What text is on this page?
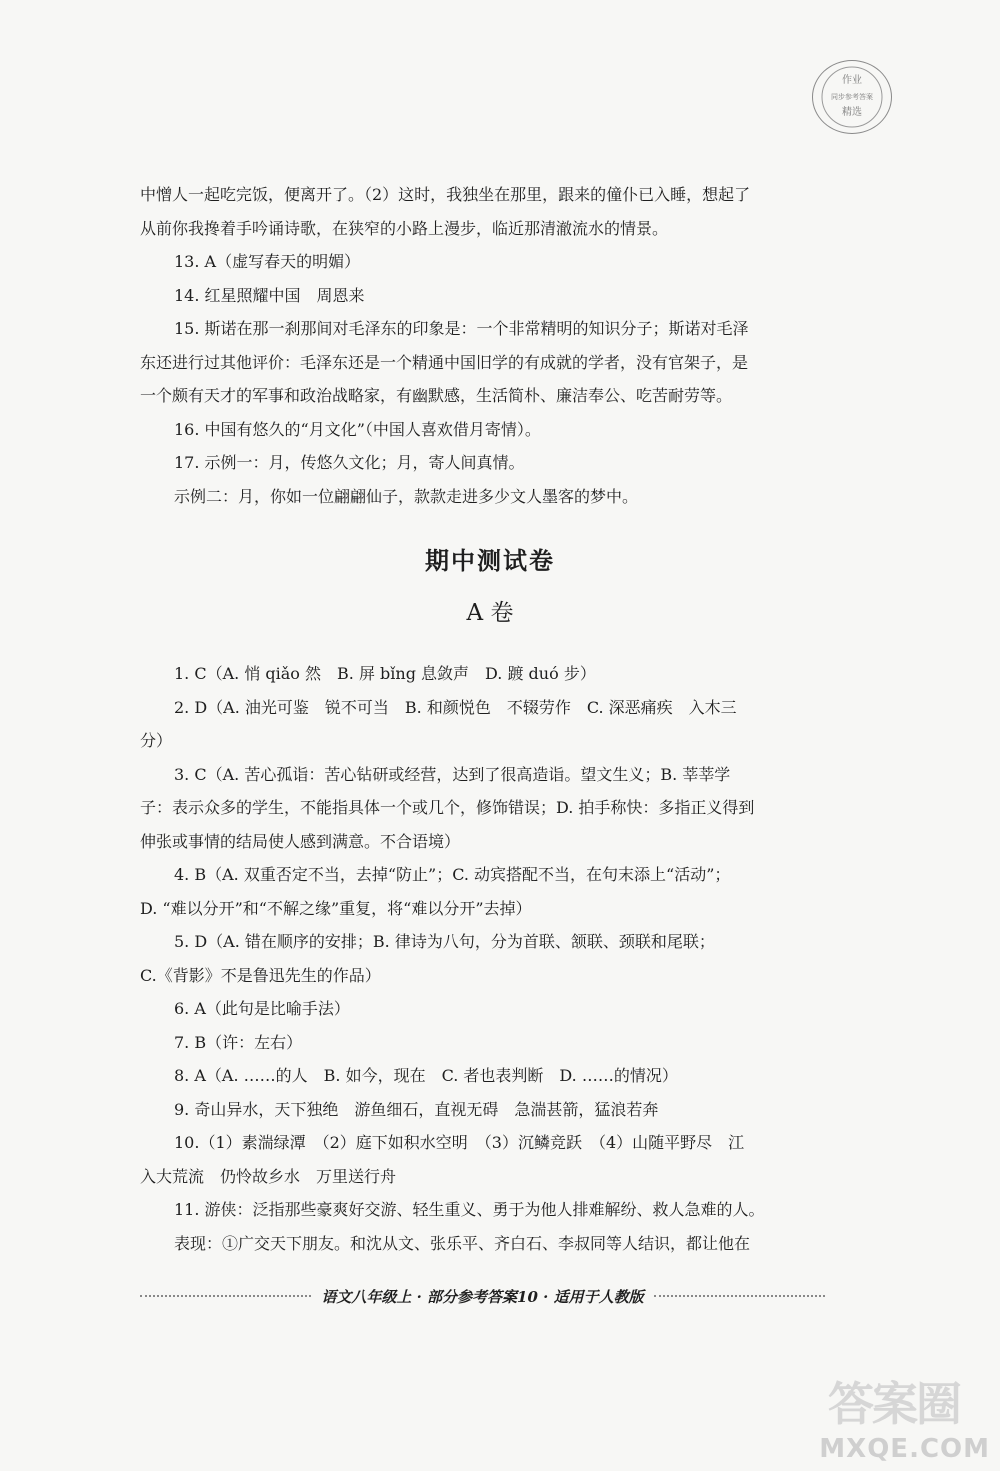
作业
同步参考答案
精选
中憎人一起吃完饭，便离开了。（2）这时，我独坐在那里，跟来的僮仆已入睡，想起了
从前你我搀着手吟诵诗歌，在狭窄的小路上漫步，临近那清澈流水的情景。
13. A（虚写春天的明媚）
14. 红星照耀中国　周恩来
15. 斯诺在那一刹那间对毛泽东的印象是：一个非常精明的知识分子；斯诺对毛泽
东还进行过其他评价：毛泽东还是一个精通中国旧学的有成就的学者，没有官架子，是
一个颇有天才的军事和政治战略家，有幽默感，生活简朴、廉洁奉公、吃苦耐劳等。
16. 中国有悠久的“月文化”（中国人喜欢借月寄情）。
17. 示例一：月，传悠久文化；月，寄人间真情。
示例二：月，你如一位翩翩仙子，款款走进多少文人墨客的梦中。
期中测试卷
A 卷
1. C（A. 悄 qiǎo 然　B. 屏 bǐng 息敛声　D. 踱 duó 步）
2. D（A. 油光可鉴　锐不可当　B. 和颜悦色　不辍劳作　C. 深恶痛疾　入木三
分）
3. C（A. 苦心孤诣：苦心钻研或经营，达到了很高造诣。望文生义；B. 莘莘学
子：表示众多的学生，不能指具体一个或几个，修饰错误；D. 拍手称快：多指正义得到
伸张或事情的结局使人感到满意。不合语境）
4. B（A. 双重否定不当，去掉“防止”；C. 动宾搭配不当，在句末添上“活动”；
D. “难以分开”和“不解之缘”重复，将“难以分开”去掉）
5. D（A. 错在顺序的安排；B. 律诗为八句，分为首联、颔联、颈联和尾联；
C.《背影》不是鲁迅先生的作品）
6. A（此句是比喻手法）
7. B（许：左右）
8. A（A. ……的人　B. 如今，现在　C. 者也表判断　D. ……的情况）
9. 奇山异水，天下独绝　游鱼细石，直视无碍　急湍甚箭，猛浪若奔
10.（1）素湍绿潭　（2）庭下如积水空明　（3）沉鳞竞跃　（4）山随平野尽　江
入大荒流　仍怜故乡水　万里送行舟
11. 游侠：泛指那些豪爽好交游、轻生重义、勇于为他人排难解纷、救人急难的人。
表现：①广交天下朋友。和沈从文、张乐平、齐白石、李叔同等人结识，都让他在
语文八年级上 · 部分参考答案10 · 适用于人教版
答案圈
MXQE.COM
